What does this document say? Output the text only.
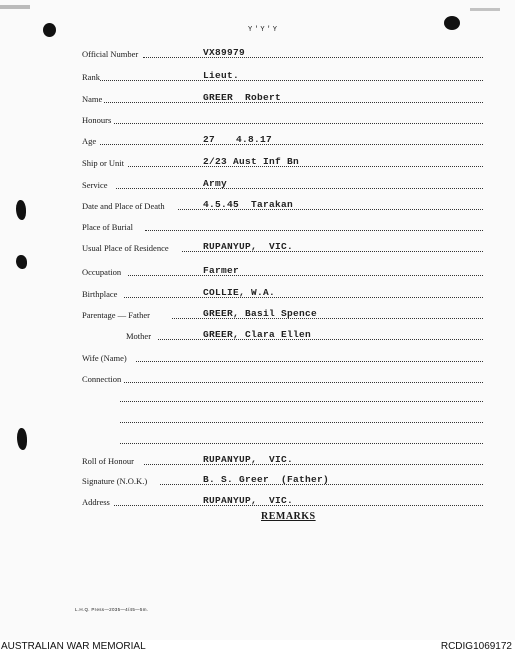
Y'Y'Y
Official Number	VX89979
Rank	Lieut.
Name	GREER  Robert
Honours
Age	27 4.8.17
Ship or Unit	2/23 Aust Inf Bn
Service	Army
Date and Place of Death	4.5.45  Tarakan
Place of Burial
Usual Place of Residence	RUPANYUP,  VIC.
Occupation	Farmer
Birthplace	COLLIE, W.A.
Parentage — Father	GREER, Basil Spence
Mother	GREER, Clara Ellen
Wife (Name)
Connection
Roll of Honour	RUPANYUP,  VIC.
Signature (N.O.K.)	B. S. Greer  (Father)
Address	RUPANYUP,  VIC.
REMARKS
L.H.Q. Press—2035—4/45—5m.
AUSTRALIAN WAR MEMORIAL	RCDIG1069172
